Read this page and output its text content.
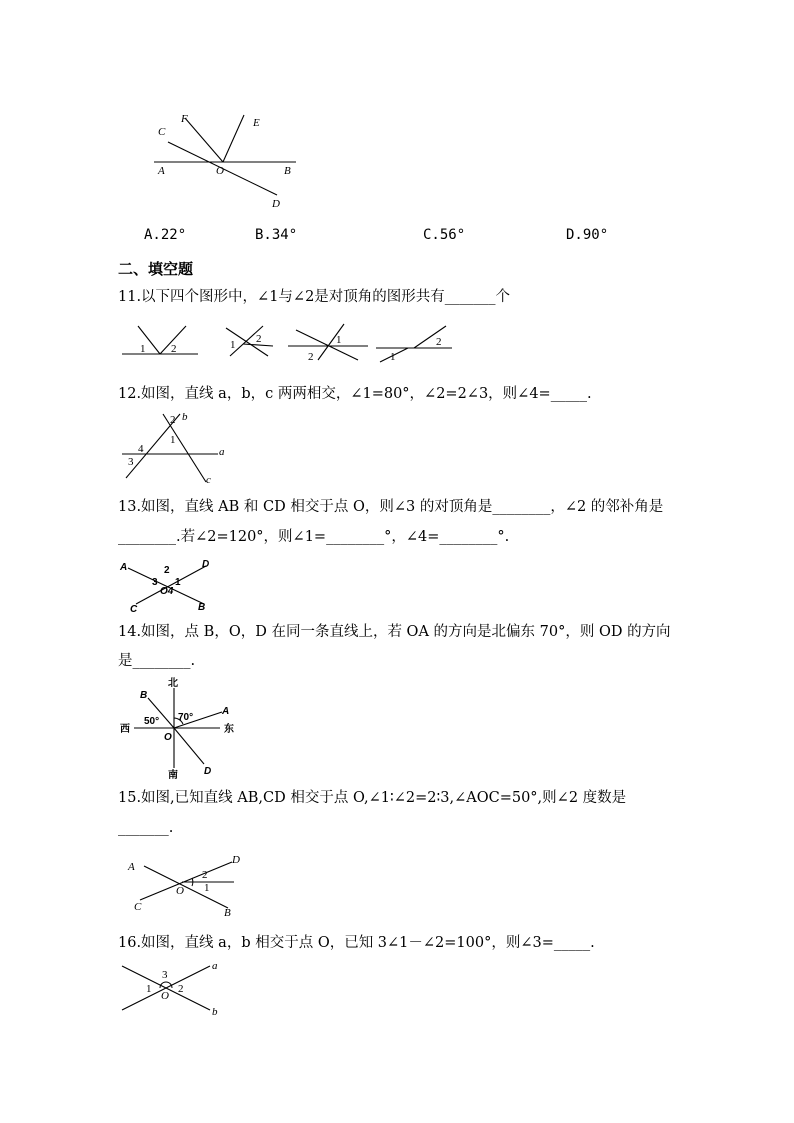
C
F	E
A	O	B
D
A.22°	B.34°	C.56°	D.90°
二、填空题
11.以下四个图形中，∠1与∠2是对顶角的图形共有_______个
1 2	1 2
2
1
1
2
12.如图，直线 a，b，c 两两相交，∠1=80°，∠2=2∠3，则∠4=_____.
2 b
1
4
3
a
c
13.如图，直线 AB 和 CD 相交于点 O，则∠3 的对顶角是________，∠2 的邻补角是
________.若∠2=120°，则∠1=________°，∠4=________°.
A	D
2
3 1
O4
C	B
14.如图，点 B，O，D 在同一条直线上，若 OA 的方向是北偏东 70°，则 OD 的方向
是________.
北
B
70°
A
50°
西	东
O
南	D
15.如图,已知直线 AB,CD 相交于点 O,∠1∶∠2=2∶3,∠AOC=50°,则∠2 度数是
_______.
A
D
2
1
O
C	B
16.如图，直线 a，b 相交于点 O，已知 3∠1－∠2=100°，则∠3=_____.
3
1 2
O
a
b
